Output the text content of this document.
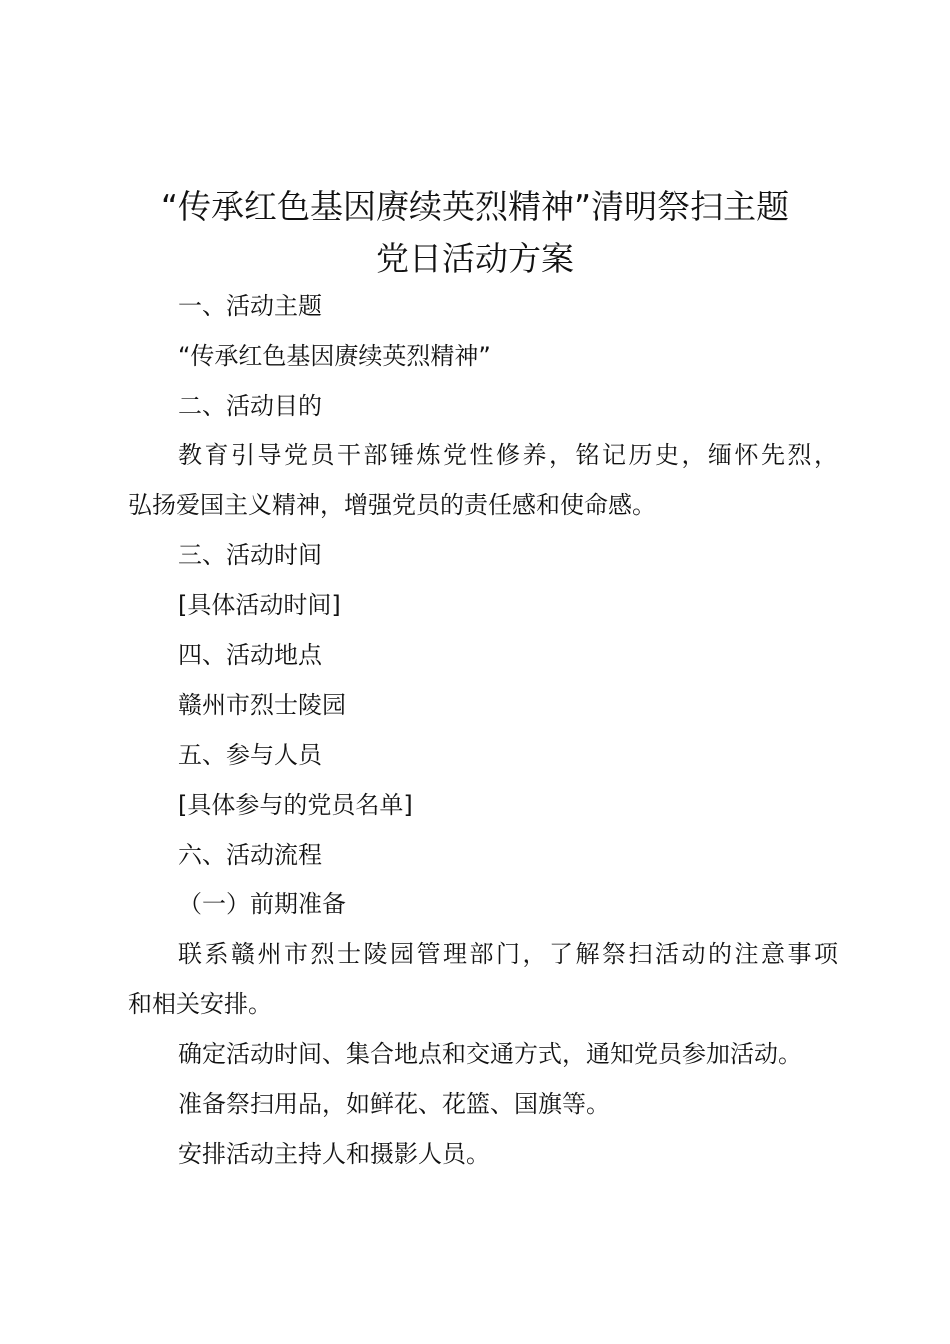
“传承红色基因赓续英烈精神”清明祭扫主题
党日活动方案

一、活动主题

“传承红色基因赓续英烈精神”

二、活动目的

教育引导党员干部锤炼党性修养，铭记历史，缅怀先烈，

弘扬爱国主义精神，增强党员的责任感和使命感。

三、活动时间

[具体活动时间]

四、活动地点

赣州市烈士陵园

五、参与人员

[具体参与的党员名单]

六、活动流程

（一）前期准备

联系赣州市烈士陵园管理部门，了解祭扫活动的注意事项

和相关安排。

确定活动时间、集合地点和交通方式，通知党员参加活动。

准备祭扫用品，如鲜花、花篮、国旗等。

安排活动主持人和摄影人员。
